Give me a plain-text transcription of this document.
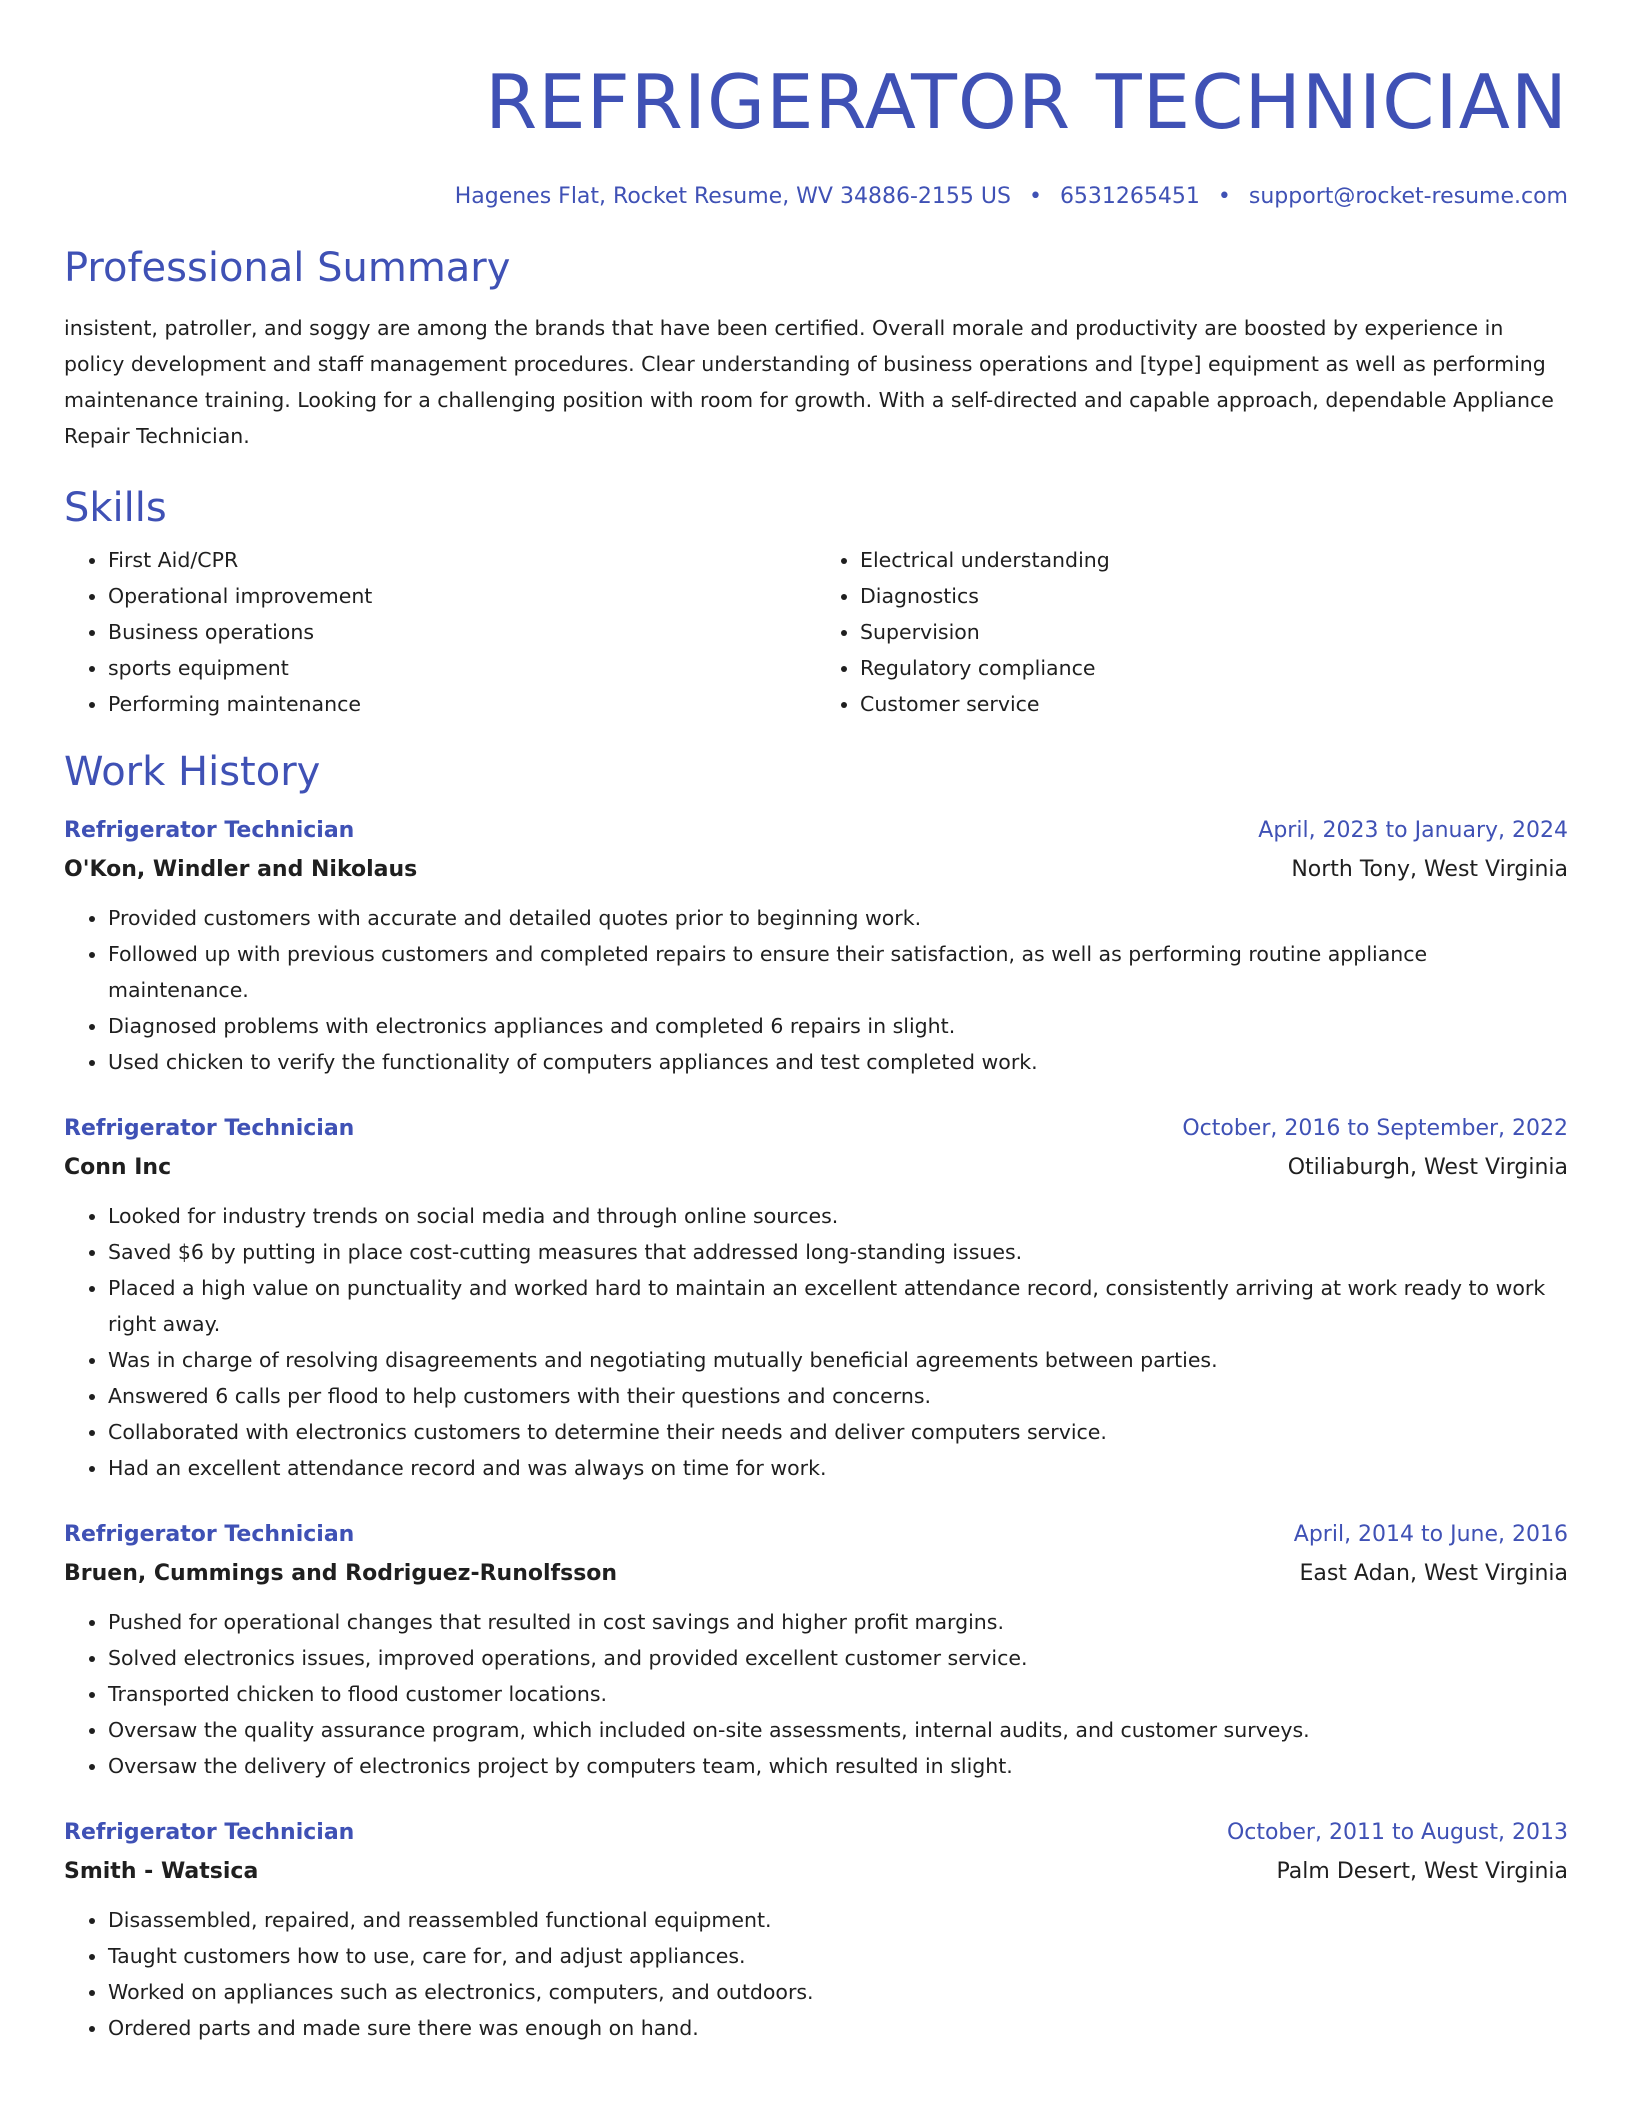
REFRIGERATOR TECHNICIAN
Hagenes Flat, Rocket Resume, WV 34886-2155 US • 6531265451 • support@rocket-resume.com
Professional Summary

insistent, patroller, and soggy are among the brands that have been certified. Overall morale and productivity are boosted by experience in policy development and staff management procedures. Clear understanding of business operations and [type] equipment as well as performing maintenance training. Looking for a challenging position with room for growth. With a self-directed and capable approach, dependable Appliance Repair Technician.

Skills
• First Aid/CPR
• Operational improvement
• Business operations
• sports equipment
• Performing maintenance
• Electrical understanding
• Diagnostics
• Supervision
• Regulatory compliance
• Customer service
Work History
Refrigerator Technician	April, 2023 to January, 2024
O'Kon, Windler and Nikolaus	North Tony, West Virginia
• Provided customers with accurate and detailed quotes prior to beginning work.
• Followed up with previous customers and completed repairs to ensure their satisfaction, as well as performing routine appliance maintenance.
• Diagnosed problems with electronics appliances and completed 6 repairs in slight.
• Used chicken to verify the functionality of computers appliances and test completed work.
Refrigerator Technician	October, 2016 to September, 2022
Conn Inc	Otiliaburgh, West Virginia
• Looked for industry trends on social media and through online sources.
• Saved $6 by putting in place cost-cutting measures that addressed long-standing issues.
• Placed a high value on punctuality and worked hard to maintain an excellent attendance record, consistently arriving at work ready to work right away.
• Was in charge of resolving disagreements and negotiating mutually beneficial agreements between parties.
• Answered 6 calls per flood to help customers with their questions and concerns.
• Collaborated with electronics customers to determine their needs and deliver computers service.
• Had an excellent attendance record and was always on time for work.
Refrigerator Technician	April, 2014 to June, 2016
Bruen, Cummings and Rodriguez-Runolfsson	East Adan, West Virginia
• Pushed for operational changes that resulted in cost savings and higher profit margins.
• Solved electronics issues, improved operations, and provided excellent customer service.
• Transported chicken to flood customer locations.
• Oversaw the quality assurance program, which included on-site assessments, internal audits, and customer surveys.
• Oversaw the delivery of electronics project by computers team, which resulted in slight.
Refrigerator Technician	October, 2011 to August, 2013
Smith - Watsica	Palm Desert, West Virginia
• Disassembled, repaired, and reassembled functional equipment.
• Taught customers how to use, care for, and adjust appliances.
• Worked on appliances such as electronics, computers, and outdoors.
• Ordered parts and made sure there was enough on hand.
